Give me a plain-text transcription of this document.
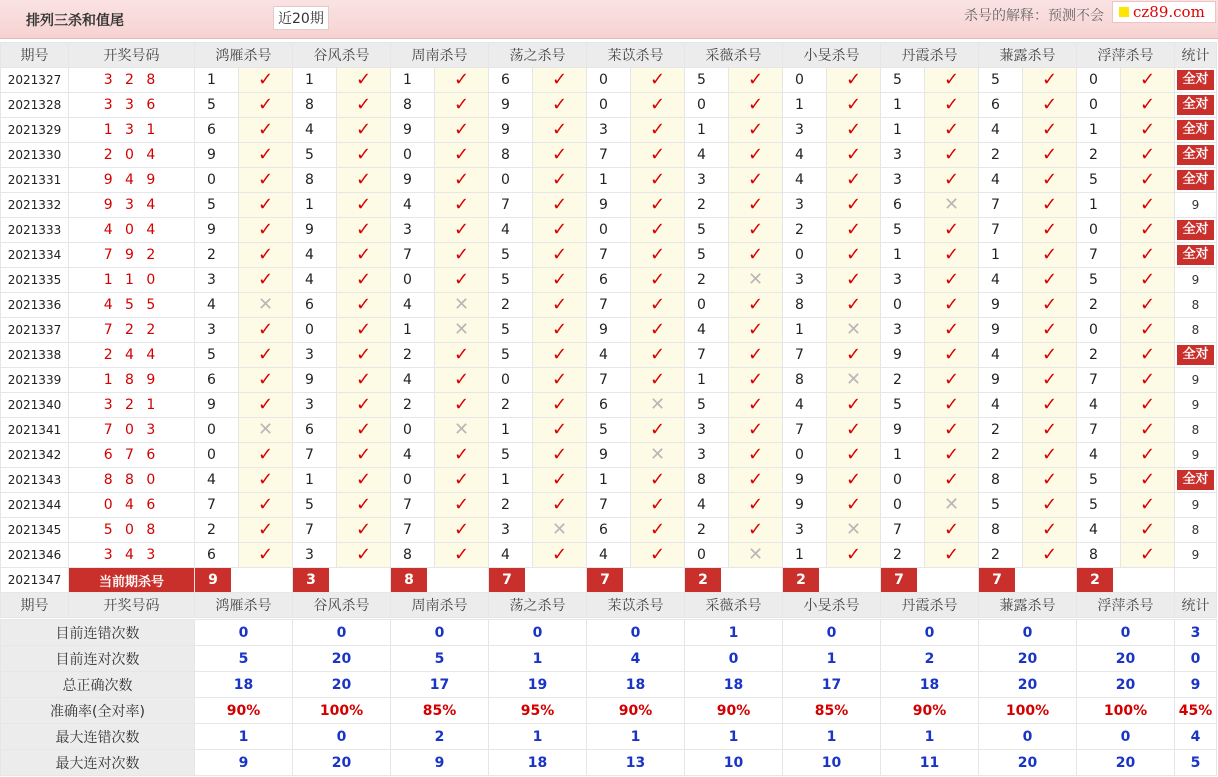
排列三杀和值尾	近20期	杀号的解释：预测不会	cz89.com
期号	开奖号码	鸿雁杀号		谷风杀号		周南杀号		荡之杀号		茉苡杀号		采薇杀号		小旻杀号		丹霞杀号		蒹露杀号		浮萍杀号		统计
2021327	3 2 8	1	✓	1	✓	1	✓	6	✓	0	✓	5	✓	0	✓	5	✓	5	✓	0	✓	全对
2021328	3 3 6	5	✓	8	✓	8	✓	9	✓	0	✓	0	✓	1	✓	1	✓	6	✓	0	✓	全对
2021329	1 3 1	6	✓	4	✓	9	✓	9	✓	3	✓	1	✓	3	✓	1	✓	4	✓	1	✓	全对
2021330	2 0 4	9	✓	5	✓	0	✓	8	✓	7	✓	4	✓	4	✓	3	✓	2	✓	2	✓	全对
2021331	9 4 9	0	✓	8	✓	9	✓	0	✓	1	✓	3	✓	4	✓	3	✓	4	✓	5	✓	全对
2021332	9 3 4	5	✓	1	✓	4	✓	7	✓	9	✓	2	✓	3	✓	6	✕	7	✓	1	✓	9
2021333	4 0 4	9	✓	9	✓	3	✓	4	✓	0	✓	5	✓	2	✓	5	✓	7	✓	0	✓	全对
2021334	7 9 2	2	✓	4	✓	7	✓	5	✓	7	✓	5	✓	0	✓	1	✓	1	✓	7	✓	全对
2021335	1 1 0	3	✓	4	✓	0	✓	5	✓	6	✓	2	✕	3	✓	3	✓	4	✓	5	✓	9
2021336	4 5 5	4	✕	6	✓	4	✕	2	✓	7	✓	0	✓	8	✓	0	✓	9	✓	2	✓	8
2021337	7 2 2	3	✓	0	✓	1	✕	5	✓	9	✓	4	✓	1	✕	3	✓	9	✓	0	✓	8
2021338	2 4 4	5	✓	3	✓	2	✓	5	✓	4	✓	7	✓	7	✓	9	✓	4	✓	2	✓	全对
2021339	1 8 9	6	✓	9	✓	4	✓	0	✓	7	✓	1	✓	8	✕	2	✓	9	✓	7	✓	9
2021340	3 2 1	9	✓	3	✓	2	✓	2	✓	6	✕	5	✓	4	✓	5	✓	4	✓	4	✓	9
2021341	7 0 3	0	✕	6	✓	0	✕	1	✓	5	✓	3	✓	7	✓	9	✓	2	✓	7	✓	8
2021342	6 7 6	0	✓	7	✓	4	✓	5	✓	9	✕	3	✓	0	✓	1	✓	2	✓	4	✓	9
2021343	8 8 0	4	✓	1	✓	0	✓	1	✓	1	✓	8	✓	9	✓	0	✓	8	✓	5	✓	全对
2021344	0 4 6	7	✓	5	✓	7	✓	2	✓	7	✓	4	✓	9	✓	0	✕	5	✓	5	✓	9
2021345	5 0 8	2	✓	7	✓	7	✓	3	✕	6	✓	2	✓	3	✕	7	✓	8	✓	4	✓	8
2021346	3 4 3	6	✓	3	✓	8	✓	4	✓	4	✓	0	✕	1	✓	2	✓	2	✓	8	✓	9
2021347	当前期杀号	9		3		8		7		7		2		2		7		7		2		
期号	开奖号码	鸿雁杀号		谷风杀号		周南杀号		荡之杀号		茉苡杀号		采薇杀号		小旻杀号		丹霞杀号		蒹露杀号		浮萍杀号		统计
目前连错次数	0	0	0	0	0	1	0	0	0	0	3
目前连对次数	5	20	5	1	4	0	1	2	20	20	0
总正确次数	18	20	17	19	18	18	17	18	20	20	9
准确率(全对率)	90%	100%	85%	95%	90%	90%	85%	90%	100%	100%	45%
最大连错次数	1	0	2	1	1	1	1	1	0	0	4
最大连对次数	9	20	9	18	13	10	10	11	20	20	5
